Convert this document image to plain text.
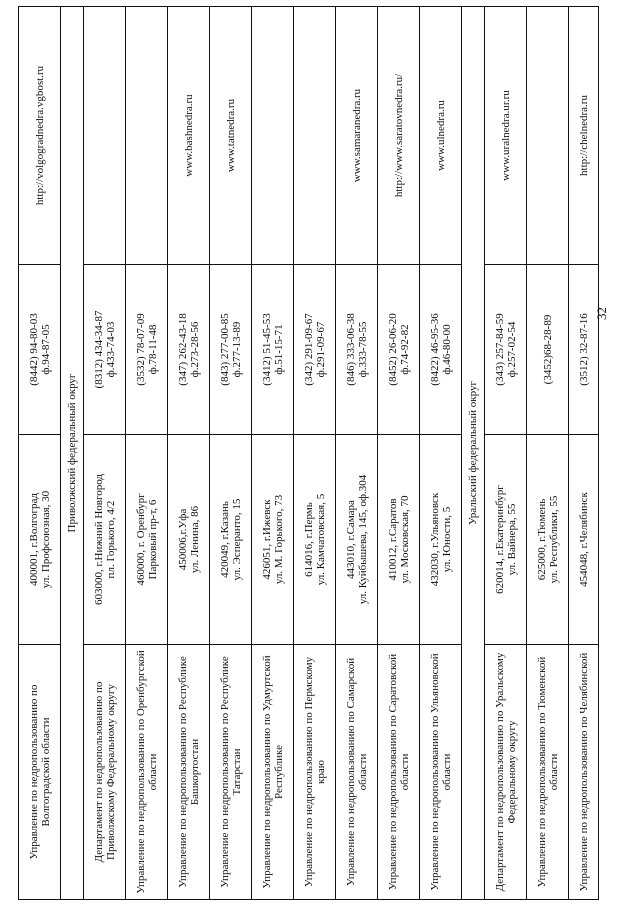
Управление по недропользованию по Волгоградской области	400001, г.Волгоград ул. Профсоюзная, 30	(8442) 94-80-03 ф.94-87-05	http://volgogradnedra.vgbost.ru
Приволжский федеральный округ			
Департамент по недропользованию по Приволжскому Федеральному округу	603000, г.Нижний Новгород пл. Горького, 4/2	(8312) 434-34-87 ф.433-74-03	

Управление по недропользованию по Оренбургской области	460000, г. Оренбург Парковый пр-т, 6	(3532) 78-07-09 ф.78-11-48	

Управление по недропользованию по Республике Башкортостан	450006,г.Уфа ул. Ленина, 86	(347) 262-43-18 ф.273-28-56	www.bashnedra.ru
Управление по недропользованию по Республике Татарстан	420049, г.Казань ул. Эсперанто, 15	(843) 277-00-85 ф.277-13-89	www.tatnedra.ru
Управление по недропользованию по Удмуртской Республике	426051, г.Ижевск ул. М. Горького, 73	(3412) 51-45-53 ф.51-15-71	

Управление по недропользованию по Пермскому краю	614016, г.Пермь ул. Камчатовская, 5	(342) 291-09-67 ф.291-09-67	

Управление по недропользованию по Самарской области	443010, г.Самара ул. Куйбышева, 145, оф.304	(846) 333-06-38 ф.333-78-55	www.samaranedra.ru
Управление по недропользованию по Саратовской области	410012, г.Саратов ул. Московская, 70	(8452) 26-06-20 ф.74-92-82	http://www.saratovnedra.ru/
Управление по недропользованию по Ульяновской области	432030, г.Ульяновск ул. Юности, 5	(8422) 46-95-36 ф.46-80-00	www.ulnedra.ru
Уральский федеральный округ			
Департамент по недропользованию по Уральскому Федеральному округу	620014, г.Екатеринбург ул. Вайнера, 55	(343) 257-84-59 ф.257-02-54	www.uralnedra.ur.ru
Управление по недропользованию по Тюменской области	625000, г.Тюмень ул. Республики, 55	(3452)68-28-89	

Управление по недропользованию по Челябинской	454048, г.Челябинск	(3512) 32-87-16	http://chelnedra.ru
32
